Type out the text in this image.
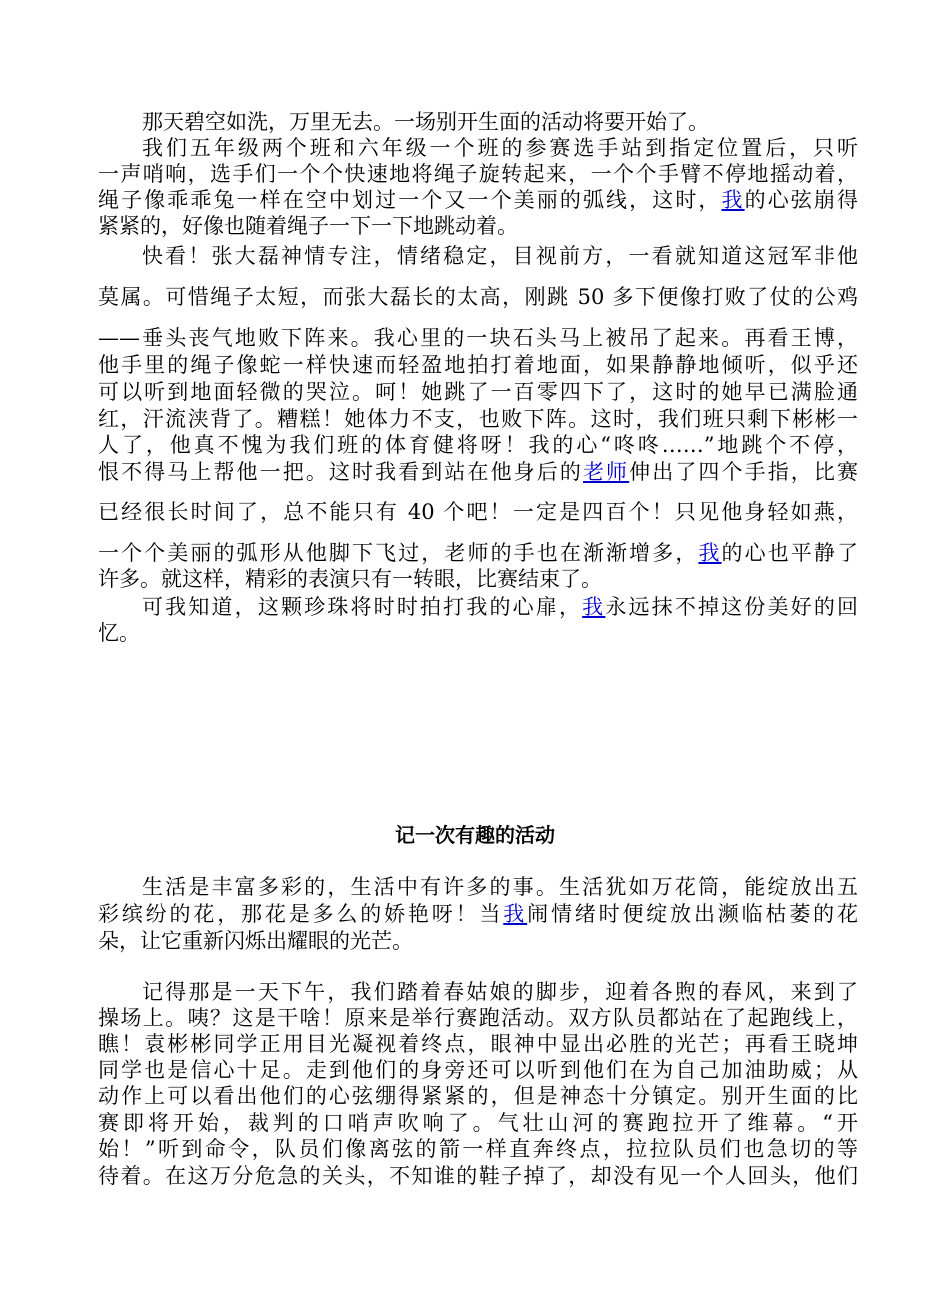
那天碧空如洗，万里无去。一场别开生面的活动将要开始了。
我们五年级两个班和六年级一个班的参赛选手站到指定位置后，只听
一声哨响，选手们一个个快速地将绳子旋转起来，一个个手臂不停地摇动着，
绳子像乖乖兔一样在空中划过一个又一个美丽的弧线，这时，我的心弦崩得
紧紧的，好像也随着绳子一下一下地跳动着。
快看！张大磊神情专注，情绪稳定，目视前方，一看就知道这冠军非他
莫属。可惜绳子太短，而张大磊长的太高，刚跳 50 多下便像打败了仗的公鸡
——垂头丧气地败下阵来。我心里的一块石头马上被吊了起来。再看王博，
他手里的绳子像蛇一样快速而轻盈地拍打着地面，如果静静地倾听，似乎还
可以听到地面轻微的哭泣。呵！她跳了一百零四下了，这时的她早已满脸通
红，汗流浃背了。糟糕！她体力不支，也败下阵。这时，我们班只剩下彬彬一
人了，他真不愧为我们班的体育健将呀！我的心“咚咚……”地跳个不停，
恨不得马上帮他一把。这时我看到站在他身后的老师伸出了四个手指，比赛
已经很长时间了，总不能只有 40 个吧！一定是四百个！只见他身轻如燕，
一个个美丽的弧形从他脚下飞过，老师的手也在渐渐增多，我的心也平静了
许多。就这样，精彩的表演只有一转眼，比赛结束了。
可我知道，这颗珍珠将时时拍打我的心扉，我永远抹不掉这份美好的回
忆。
记一次有趣的活动
生活是丰富多彩的，生活中有许多的事。生活犹如万花筒，能绽放出五
彩缤纷的花，那花是多么的娇艳呀！当我闹情绪时便绽放出濒临枯萎的花
朵，让它重新闪烁出耀眼的光芒。
记得那是一天下午，我们踏着春姑娘的脚步，迎着各煦的春风，来到了
操场上。咦？这是干啥！原来是举行赛跑活动。双方队员都站在了起跑线上，
瞧！袁彬彬同学正用目光凝视着终点，眼神中显出必胜的光芒；再看王晓坤
同学也是信心十足。走到他们的身旁还可以听到他们在为自己加油助威；从
动作上可以看出他们的心弦绷得紧紧的，但是神态十分镇定。别开生面的比
赛即将开始，裁判的口哨声吹响了。气壮山河的赛跑拉开了维幕。“开
始！”听到命令，队员们像离弦的箭一样直奔终点，拉拉队员们也急切的等
待着。在这万分危急的关头，不知谁的鞋子掉了，却没有见一个人回头，他们
